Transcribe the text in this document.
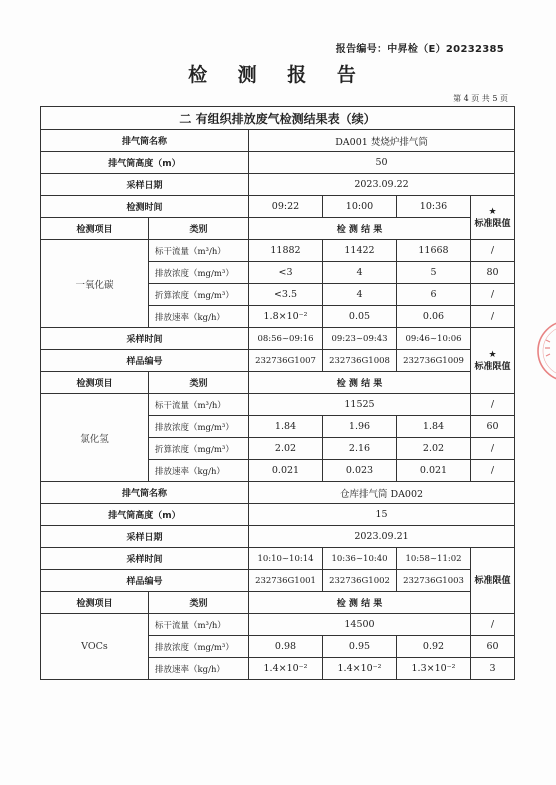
报告编号：中昇检（E）20232385
检 测 报 告
第 4 页 共 5 页
二 有组织排放废气检测结果表（续）					
排气筒名称		DA001 焚烧炉排气筒			
排气筒高度（m）		50			
采样日期		2023.09.22			
检测时间		09:22	10:00	10:36	★
标准限值
检测项目	类别	检 测 结 果			
一氧化碳	标干流量（m³/h）	11882	11422	11668	/
	排放浓度（mg/m³）	<3	4	5	80
	折算浓度（mg/m³）	<3.5	4	6	/
	排放速率（kg/h）	1.8×10⁻²	0.05	0.06	/
采样时间		08:56~09:16	09:23~09:43	09:46~10:06	★
标准限值
样品编号		232736G1007	232736G1008	232736G1009	
检测项目	类别	检 测 结 果			
氯化氢	标干流量（m³/h）	11525			/
	排放浓度（mg/m³）	1.84	1.96	1.84	60
	折算浓度（mg/m³）	2.02	2.16	2.02	/
	排放速率（kg/h）	0.021	0.023	0.021	/
排气筒名称		仓库排气筒 DA002			
排气筒高度（m）		15			
采样日期		2023.09.21			
采样时间		10:10~10:14	10:36~10:40	10:58~11:02	标准限值
样品编号		232736G1001	232736G1002	232736G1003	
检测项目	类别	检 测 结 果			
VOCs	标干流量（m³/h）	14500			/
	排放浓度（mg/m³）	0.98	0.95	0.92	60
	排放速率（kg/h）	1.4×10⁻²	1.4×10⁻²	1.3×10⁻²	3
